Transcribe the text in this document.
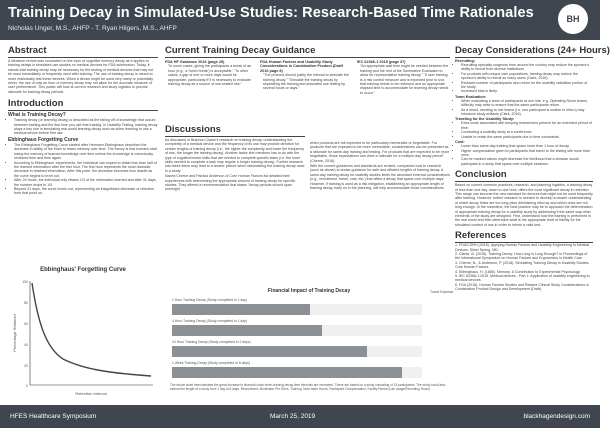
Training Decay in Simulated-Use Studies: Research-Based Time Rationales
Nicholas Unger, M.S., AHFP - T. Ryan Hilgers, M.S., AHFP
BH
Abstract
A literature review was conducted on the topic of cognitive memory decay as it applies to training delays in simulated-use studies on medical devices for FDA submission. Today, it stands that training decay may be necessary for the testing of medical devices that may not be used immediately or frequently used after training. The use of training decay is meant to more realistically test these devices. When a device might be used very rarely or potentially never, the use of only an hour of memory decay may not allow for the accurate measure of user performance. This poster will look at current research and study logistics to provide rationale for training decay periods.
Introduction
What is Training Decay?
• Training decay (or learning decay) is described as the falling off of knowledge that occurs between training and the first time you use that training. In Usability Testing, training decay plays a key role in simulating real-world learning decay such as when learning to use a medical device before first use.
Ebbinghaus Forgetting Curve
• The Ebbinghaus Forgetting Curve started after Hermann Ebbinghaus described the decrease in ability of the brain to retain memory over time. The theory is that humans start losing the memory of learned knowledge over time unless the knowledge is consciously reviewed time and time again.
• According to Ebbinghaus' experiments, the individual can expect to retain less than half of the learned information after the first hour. The first hour represents the most dramatic decrease in retained information. After this point, the decrease becomes less drastic as the curve begins to level out.
• After 24 hours, the individual only retains 1/3 of the information learned and after 31 days, the number drops to 1/5.
• Beyond 31 days, the curve levels out, representing an insignificant decrease of retention from that point on.
Ebbinghaus' Forgetting Curve
100
80
60
40
20
0
Percentage Retained
Retention Interval
Current Training Decay Guidance
FDA HF Guidance 2016 (page 29)
"In some cases, giving the participants a break of an hour (e.g., a 'lunch break') is acceptable." "In other cases, a gap of one or more days would be appropriate, particularly if it is necessary to evaluate training decay as a source of use-related risk."
FDA Human Factors and Usability Study Considerations in Combination Product (Draft 2016 page 8)
"The protocol should justify the interval to simulate the training decay." "Simulate the training decay by separating the training and simulated use testing by several hours or days."
IEC 62366-1 2015 (page 37)
"An appropriate wait time might be needed between the training and the rest of the Summative Evaluation to allow for representative training decay." "If user training is a risk control measure and is expected prior to use, that training needs to be reviewed and an appropriate elapsed time to accommodate for learning decay needs to occur."
Discussions
As discussed in Brannon Clarke's research on training decay, understanding the complexity of a medical device and the frequency of its use may provide direction for certain lengths of training decay (i.e., the higher the complexity and lower the frequency of use, the longer the training decay). Another factor she mentions has to do with the type of cognitive/motor skills that are needed to complete specific tasks (i.e. the more skills needed to complete a task may require a longer training decay). Further research into these items may lead to a clearer picture when rationalizing the training decay used in a study.
Naomi Cherne and Patricia Anderson of Core Human Factors list detailed their experiences with determining the appropriate amount of training decay for specific studies. They offered a recommendation that states "decay periods should span overnight
when products are not expected to be particularly memorable or forgettable. For products that are expected to be more memorable, considerations can be presented as a rationale for same-day training and testing. For products that are expected to be more forgettable, those expectations can drive a rationale for a multiple-day decay period" (Cherne, 2018).
With the current guidances and standards are revised, companies look to research (such as above) to create guidance for safe and efficient lengths of training decay. A same-day training decay for usability studies limits the abundant external considerations (e.g., recruitment, travel, cost, etc.) that affect a decay that spans over multiple days. However, if training is used as a risk mitigation, establishing an appropriate length of training decay, early on in the planning, will help accommodate those considerations.
Financial Impact of Training Decay
1 Hour Training Decay (Study completed in 1 day)
4 Hour Training Decay (Study completed in 1 day)
24 Hour Training Decay (Study completed in 2 days)
1 Week Training Decay (Study completed in 8 days)
Travel Expense
The above chart demonstrates the great increase in financial costs when training decay time intervals are increased. These are based on a study consisting of 15 participants. The study could also extend the length of a study from 1 day to 8 days. Recruitment, Moderator Per Diem, Training, Note-taker Hours, Participant Compensation, Facility Rental (Lab usage/Recording Room)
Decay Considerations (24+ Hours)
Recruiting:
• Recruiting specialty surgeons from around the country may reduce the sponsor's ability to recruit from diverse institutions.
• For products with unique user populations, training decay may reduce the sponsor's ability to recruit as many users (Clark, 2016).
• Reduced number of participants who return for the usability validation portion of the study.
• Increased bias is likely.
Team Evaluation:
• When evaluating a team of participants at one site, e.g. Operating Room teams, difficulty may arise to ensure that the same participants return.
• As a result, needing to mix teams (i.e. one participant is unable to return) may introduce study artifacts (Clark, 2016).
Traveling for the Usability Study:
• Extra costs associated with keeping researchers present for an extended period of time.
• Conducting a usability study at a conference.
• Unable to retain the same participants due to time constraints.
Cost:
• Lower than same-day training that spans more than 1 hour of decay.
• Higher compensation given to participants that travel to the testing site more than once.
• Can be marked values might decrease the likelihood that a clinician would participate in a study that spans over multiple sessions.
Conclusion
Based on current common practices, research, and planning logistics, a training decay of less than one day, down to one hour, offers the most significant decay in retention. This range can become the new standard for devices that might not be used frequently after training. However, further research is needed to develop a clearer understanding of which decay times are too long (also diminishing returns) and which ones are not long enough. In the meantime, the best practice may be to approach the determination of appropriate training decay for a usability study by addressing it the same way other elements of the study are designed. First, understand how the training is performed in the real world and then determine what is the appropriate level of fidelity for the simulated context of use in order to inform a valid test.
References
1. FDA/CDRH (2016). Applying Human Factors and Usability Engineering to Medical Devices. Silver Spring, MD.
2. Clarke, B. (2016). Training Decay: How Long is Long Enough? In Proceedings of the International Symposium on Human Factors and Ergonomics in Health Care.
3. Cherne, N., & Anderson, P. (2018). Simulating Training Decay in Usability Studies. Core Human Factors.
4. Ebbinghaus, H. (1885). Memory: A Contribution to Experimental Psychology.
5. IEC 62366-1:2015. Medical devices - Part 1: Application of usability engineering to medical devices.
6. FDA (2016). Human Factors Studies and Related Clinical Study Considerations in Combination Product Design and Development (Draft).
HFES Healthcare Symposium	March 25, 2019	blackhagendesign.com
